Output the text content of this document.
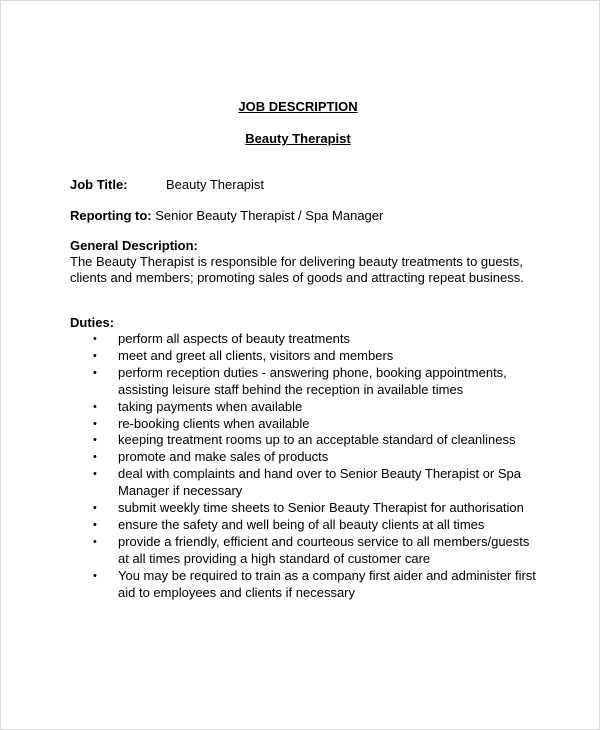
JOB DESCRIPTION
Beauty Therapist
Job Title:	Beauty Therapist
Reporting to: Senior Beauty Therapist / Spa Manager
General Description:
The Beauty Therapist is responsible for delivering beauty treatments to guests, clients and members; promoting sales of goods and attracting repeat business.
Duties:
• perform all aspects of beauty treatments
• meet and greet all clients, visitors and members
• perform reception duties - answering phone, booking appointments, assisting leisure staff behind the reception in available times
• taking payments when available
• re-booking clients when available
• keeping treatment rooms up to an acceptable standard of cleanliness
• promote and make sales of products
• deal with complaints and hand over to Senior Beauty Therapist or Spa Manager if necessary
• submit weekly time sheets to Senior Beauty Therapist for authorisation
• ensure the safety and well being of all beauty clients at all times
• provide a friendly, efficient and courteous service to all members/guests at all times providing a high standard of customer care
• You may be required to train as a company first aider and administer first aid to employees and clients if necessary
